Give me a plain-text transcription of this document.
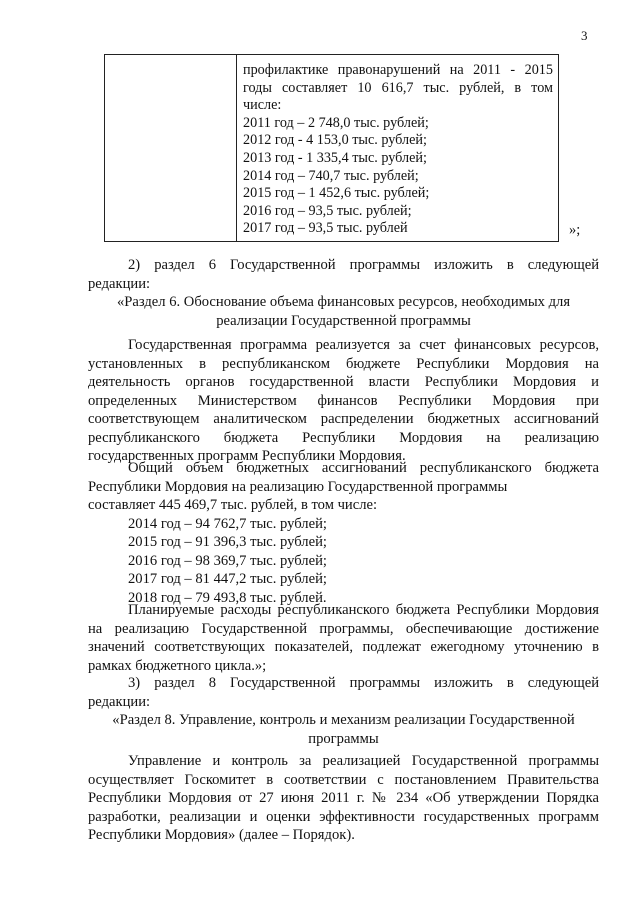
3
профилактике правонарушений на 2011 - 2015
годы составляет 10 616,7 тыс. рублей, в том
числе:
2011 год – 2 748,0 тыс. рублей;
2012 год - 4 153,0 тыс. рублей;
2013 год - 1 335,4 тыс. рублей;
2014 год – 740,7 тыс. рублей;
2015 год – 1 452,6 тыс. рублей;
2016 год – 93,5 тыс. рублей;
2017 год – 93,5 тыс. рублей	»;
2) раздел 6 Государственной программы изложить в следующей
редакции:
«Раздел 6. Обоснование объема финансовых ресурсов, необходимых для
реализации Государственной программы
Государственная программа реализуется за счет финансовых ресурсов, установленных в республиканском бюджете Республики Мордовия на деятельность органов государственной власти Республики Мордовия и определенных Министерством финансов Республики Мордовия при соответствующем аналитическом распределении бюджетных ассигнований республиканского бюджета Республики Мордовия на реализацию государственных программ Республики Мордовия.
Общий объем бюджетных ассигнований республиканского бюджета Республики Мордовия на реализацию Государственной программы
составляет 445 469,7 тыс. рублей, в том числе:
2014 год – 94 762,7 тыс. рублей;
2015 год – 91 396,3 тыс. рублей;
2016 год – 98 369,7 тыс. рублей;
2017 год – 81 447,2 тыс. рублей;
2018 год – 79 493,8 тыс. рублей.
Планируемые расходы республиканского бюджета Республики Мордовия на реализацию Государственной программы, обеспечивающие достижение значений соответствующих показателей, подлежат ежегодному уточнению в рамках бюджетного цикла.»;
3) раздел 8 Государственной программы изложить в следующей
редакции:
«Раздел 8. Управление, контроль и механизм реализации Государственной
программы
Управление и контроль за реализацией Государственной программы осуществляет Госкомитет в соответствии с постановлением Правительства Республики Мордовия от 27 июня 2011 г. № 234 «Об утверждении Порядка разработки, реализации и оценки эффективности государственных программ Республики Мордовия» (далее – Порядок).
